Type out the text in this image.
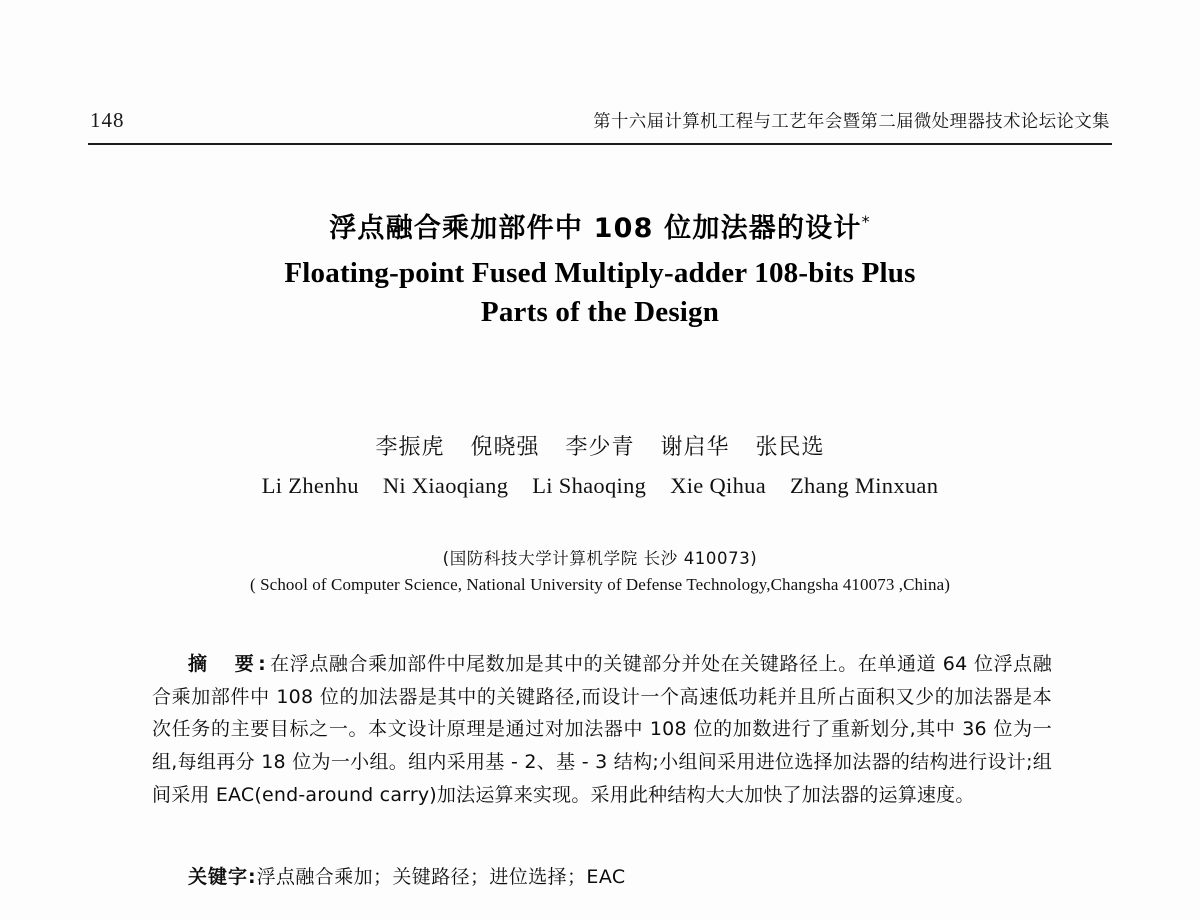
148	第十六届计算机工程与工艺年会暨第二届微处理器技术论坛论文集
浮点融合乘加部件中 108 位加法器的设计*
Floating-point Fused Multiply-adder 108-bits Plus
Parts of the Design
李振虎 倪晓强 李少青 谢启华 张民选
Li Zhenhu Ni Xiaoqiang Li Shaoqing Xie Qihua Zhang Minxuan
(国防科技大学计算机学院 长沙 410073)
( School of Computer Science, National University of Defense Technology,Changsha 410073 ,China)
摘　要:在浮点融合乘加部件中尾数加是其中的关键部分并处在关键路径上。在单通道 64 位浮点融合乘加部件中 108 位的加法器是其中的关键路径,而设计一个高速低功耗并且所占面积又少的加法器是本次任务的主要目标之一。本文设计原理是通过对加法器中 108 位的加数进行了重新划分,其中 36 位为一组,每组再分 18 位为一小组。组内采用基 - 2、基 - 3 结构;小组间采用进位选择加法器的结构进行设计;组间采用 EAC(end-around carry)加法运算来实现。采用此种结构大大加快了加法器的运算速度。
关键字:浮点融合乘加；关键路径；进位选择；EAC
